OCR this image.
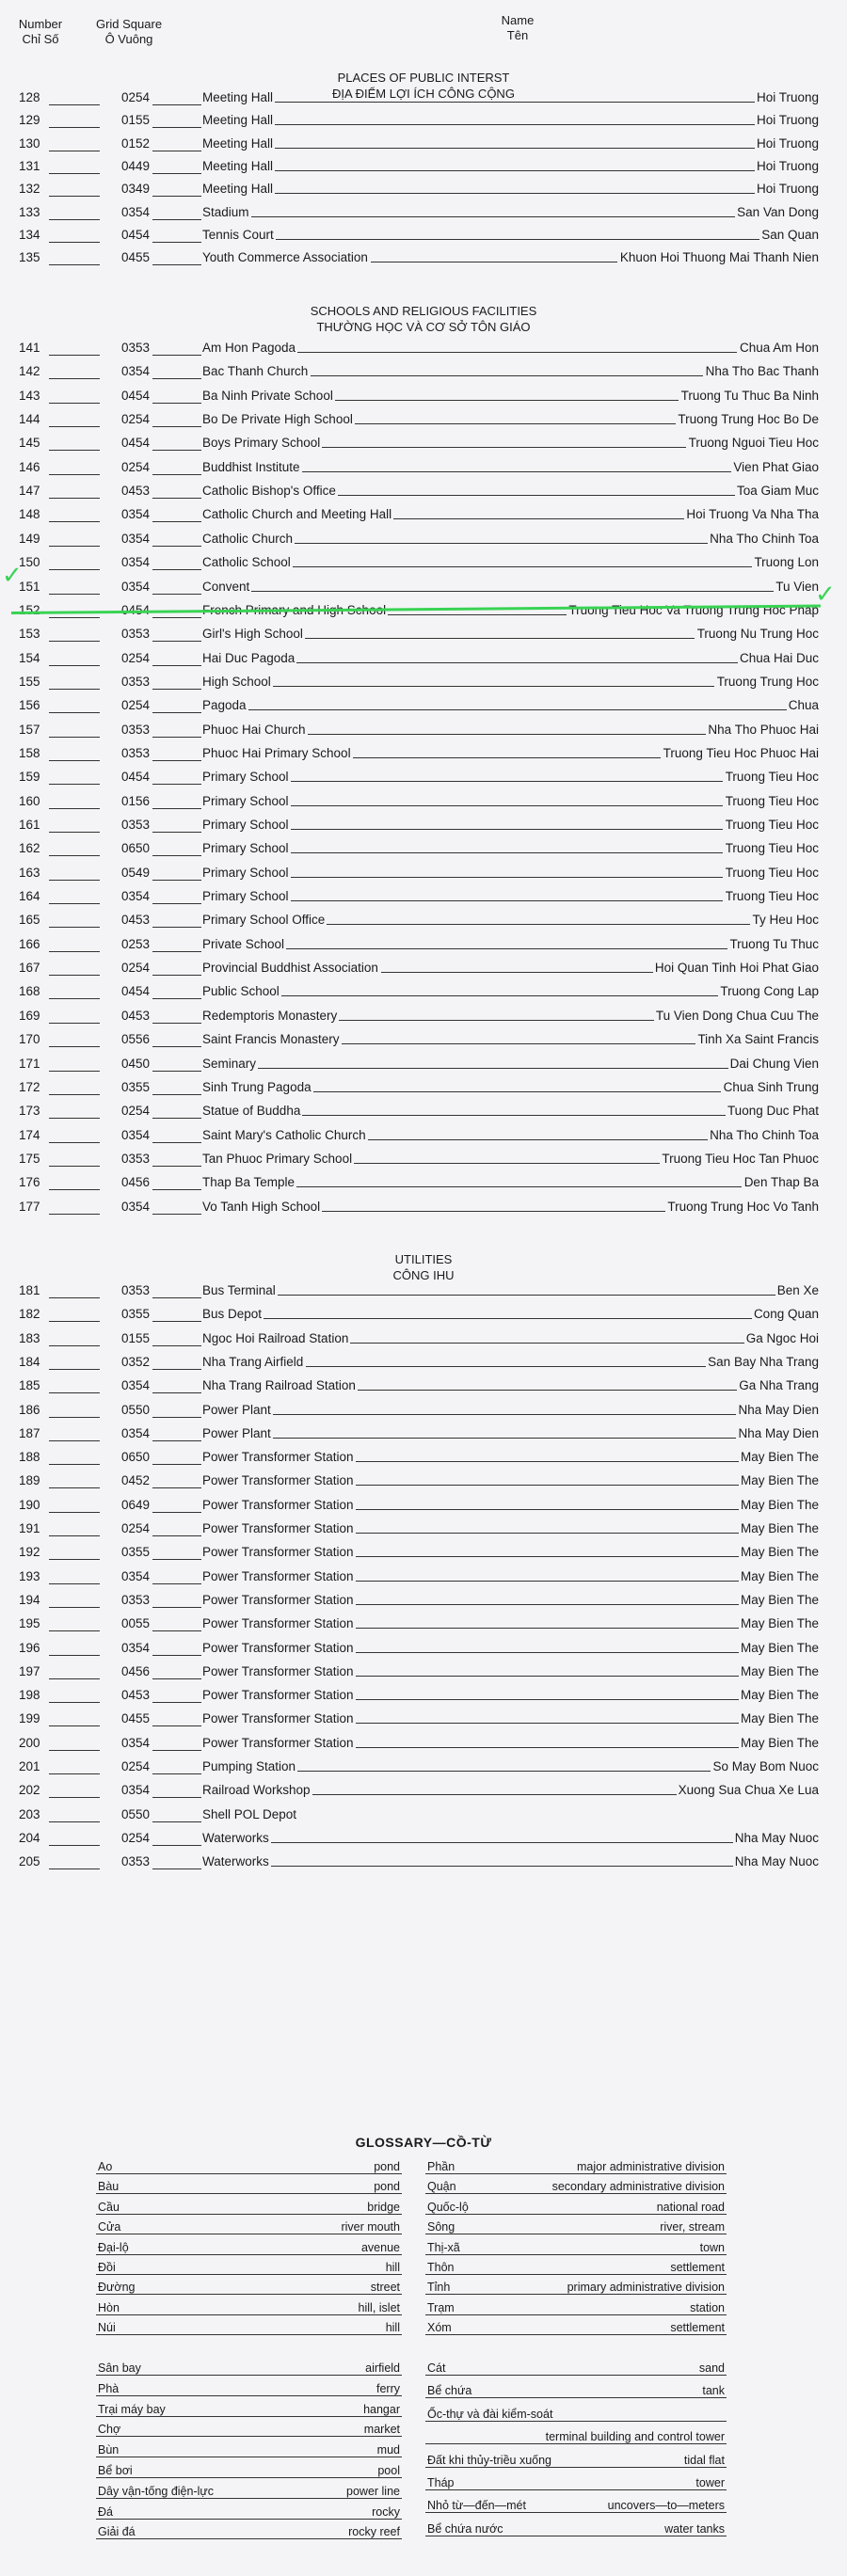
Number
Chỉ Số
Grid Square
Ô Vuông
Name
Tên
PLACES OF PUBLIC INTERST
ĐỊA ĐIỂM LỢI ÍCH CÔNG CỘNG
128	0254	Meeting Hall	Hoi Truong
129	0155	Meeting Hall	Hoi Truong
130	0152	Meeting Hall	Hoi Truong
131	0449	Meeting Hall	Hoi Truong
132	0349	Meeting Hall	Hoi Truong
133	0354	Stadium	San Van Dong
134	0454	Tennis Court	San Quan
135	0455	Youth Commerce Association	Khuon Hoi Thuong Mai Thanh Nien
SCHOOLS AND RELIGIOUS FACILITIES
THƯỜNG HỌC VÀ CƠ SỞ TÔN GIÁO
141	0353	Am Hon Pagoda	Chua Am Hon
142	0354	Bac Thanh Church	Nha Tho Bac Thanh
143	0454	Ba Ninh Private School	Truong Tu Thuc Ba Ninh
144	0254	Bo De Private High School	Truong Trung Hoc Bo De
145	0454	Boys Primary School	Truong Nguoi Tieu Hoc
146	0254	Buddhist Institute	Vien Phat Giao
147	0453	Catholic Bishop's Office	Toa Giam Muc
148	0354	Catholic Church and Meeting Hall	Hoi Truong Va Nha Tha
149	0354	Catholic Church	Nha Tho Chinh Toa
150	0354	Catholic School	Truong Lon
151	0354	Convent	Tu Vien
152	0454	French Primary and High School	Truong Tieu Hoc Va Truong Trung Hoc Phap
153	0353	Girl's High School	Truong Nu Trung Hoc
154	0254	Hai Duc Pagoda	Chua Hai Duc
155	0353	High School	Truong Trung Hoc
156	0254	Pagoda	Chua
157	0353	Phuoc Hai Church	Nha Tho Phuoc Hai
158	0353	Phuoc Hai Primary School	Truong Tieu Hoc Phuoc Hai
159	0454	Primary School	Truong Tieu Hoc
160	0156	Primary School	Truong Tieu Hoc
161	0353	Primary School	Truong Tieu Hoc
162	0650	Primary School	Truong Tieu Hoc
163	0549	Primary School	Truong Tieu Hoc
164	0354	Primary School	Truong Tieu Hoc
165	0453	Primary School Office	Ty Heu Hoc
166	0253	Private School	Truong Tu Thuc
167	0254	Provincial Buddhist Association	Hoi Quan Tinh Hoi Phat Giao
168	0454	Public School	Truong Cong Lap
169	0453	Redemptoris Monastery	Tu Vien Dong Chua Cuu The
170	0556	Saint Francis Monastery	Tinh Xa Saint Francis
171	0450	Seminary	Dai Chung Vien
172	0355	Sinh Trung Pagoda	Chua Sinh Trung
173	0254	Statue of Buddha	Tuong Duc Phat
174	0354	Saint Mary's Catholic Church	Nha Tho Chinh Toa
175	0353	Tan Phuoc Primary School	Truong Tieu Hoc Tan Phuoc
176	0456	Thap Ba Temple	Den Thap Ba
177	0354	Vo Tanh High School	Truong Trung Hoc Vo Tanh
UTILITIES
CÔNG IHU
181	0353	Bus Terminal	Ben Xe
182	0355	Bus Depot	Cong Quan
183	0155	Ngoc Hoi Railroad Station	Ga Ngoc Hoi
184	0352	Nha Trang Airfield	San Bay Nha Trang
185	0354	Nha Trang Railroad Station	Ga Nha Trang
186	0550	Power Plant	Nha May Dien
187	0354	Power Plant	Nha May Dien
188	0650	Power Transformer Station	May Bien The
189	0452	Power Transformer Station	May Bien The
190	0649	Power Transformer Station	May Bien The
191	0254	Power Transformer Station	May Bien The
192	0355	Power Transformer Station	May Bien The
193	0354	Power Transformer Station	May Bien The
194	0353	Power Transformer Station	May Bien The
195	0055	Power Transformer Station	May Bien The
196	0354	Power Transformer Station	May Bien The
197	0456	Power Transformer Station	May Bien The
198	0453	Power Transformer Station	May Bien The
199	0455	Power Transformer Station	May Bien The
200	0354	Power Transformer Station	May Bien The
201	0254	Pumping Station	So May Bom Nuoc
202	0354	Railroad Workshop	Xuong Sua Chua Xe Lua
203	0550	Shell POL Depot
204	0254	Waterworks	Nha May Nuoc
205	0353	Waterworks	Nha May Nuoc
✓
✓
GLOSSARY—CỒ-TỪ
Ao	pond
Bàu	pond
Cầu	bridge
Cửa	river mouth
Đại-lộ	avenue
Đồi	hill
Đường	street
Hòn	hill, islet
Núi	hill
Phần	major administrative division
Quận	secondary administrative division
Quốc-lộ	national road
Sông	river, stream
Thị-xã	town
Thôn	settlement
Tỉnh	primary administrative division
Trạm	station
Xóm	settlement
Sân bay	airfield
Phà	ferry
Trại máy bay	hangar
Chợ	market
Bùn	mud
Bể bơi	pool
Dây vận-tống điện-lực	power line
Đá	rocky
Giải đá	rocky reef
Cát	sand
Bể chứa	tank
Ốc-thự và đài kiểm-soát
terminal building and control tower
Đất khi thủy-triều xuống	tidal flat
Tháp	tower
Nhỏ từ—đến—mét	uncovers—to—meters
Bể chứa nước	water tanks
